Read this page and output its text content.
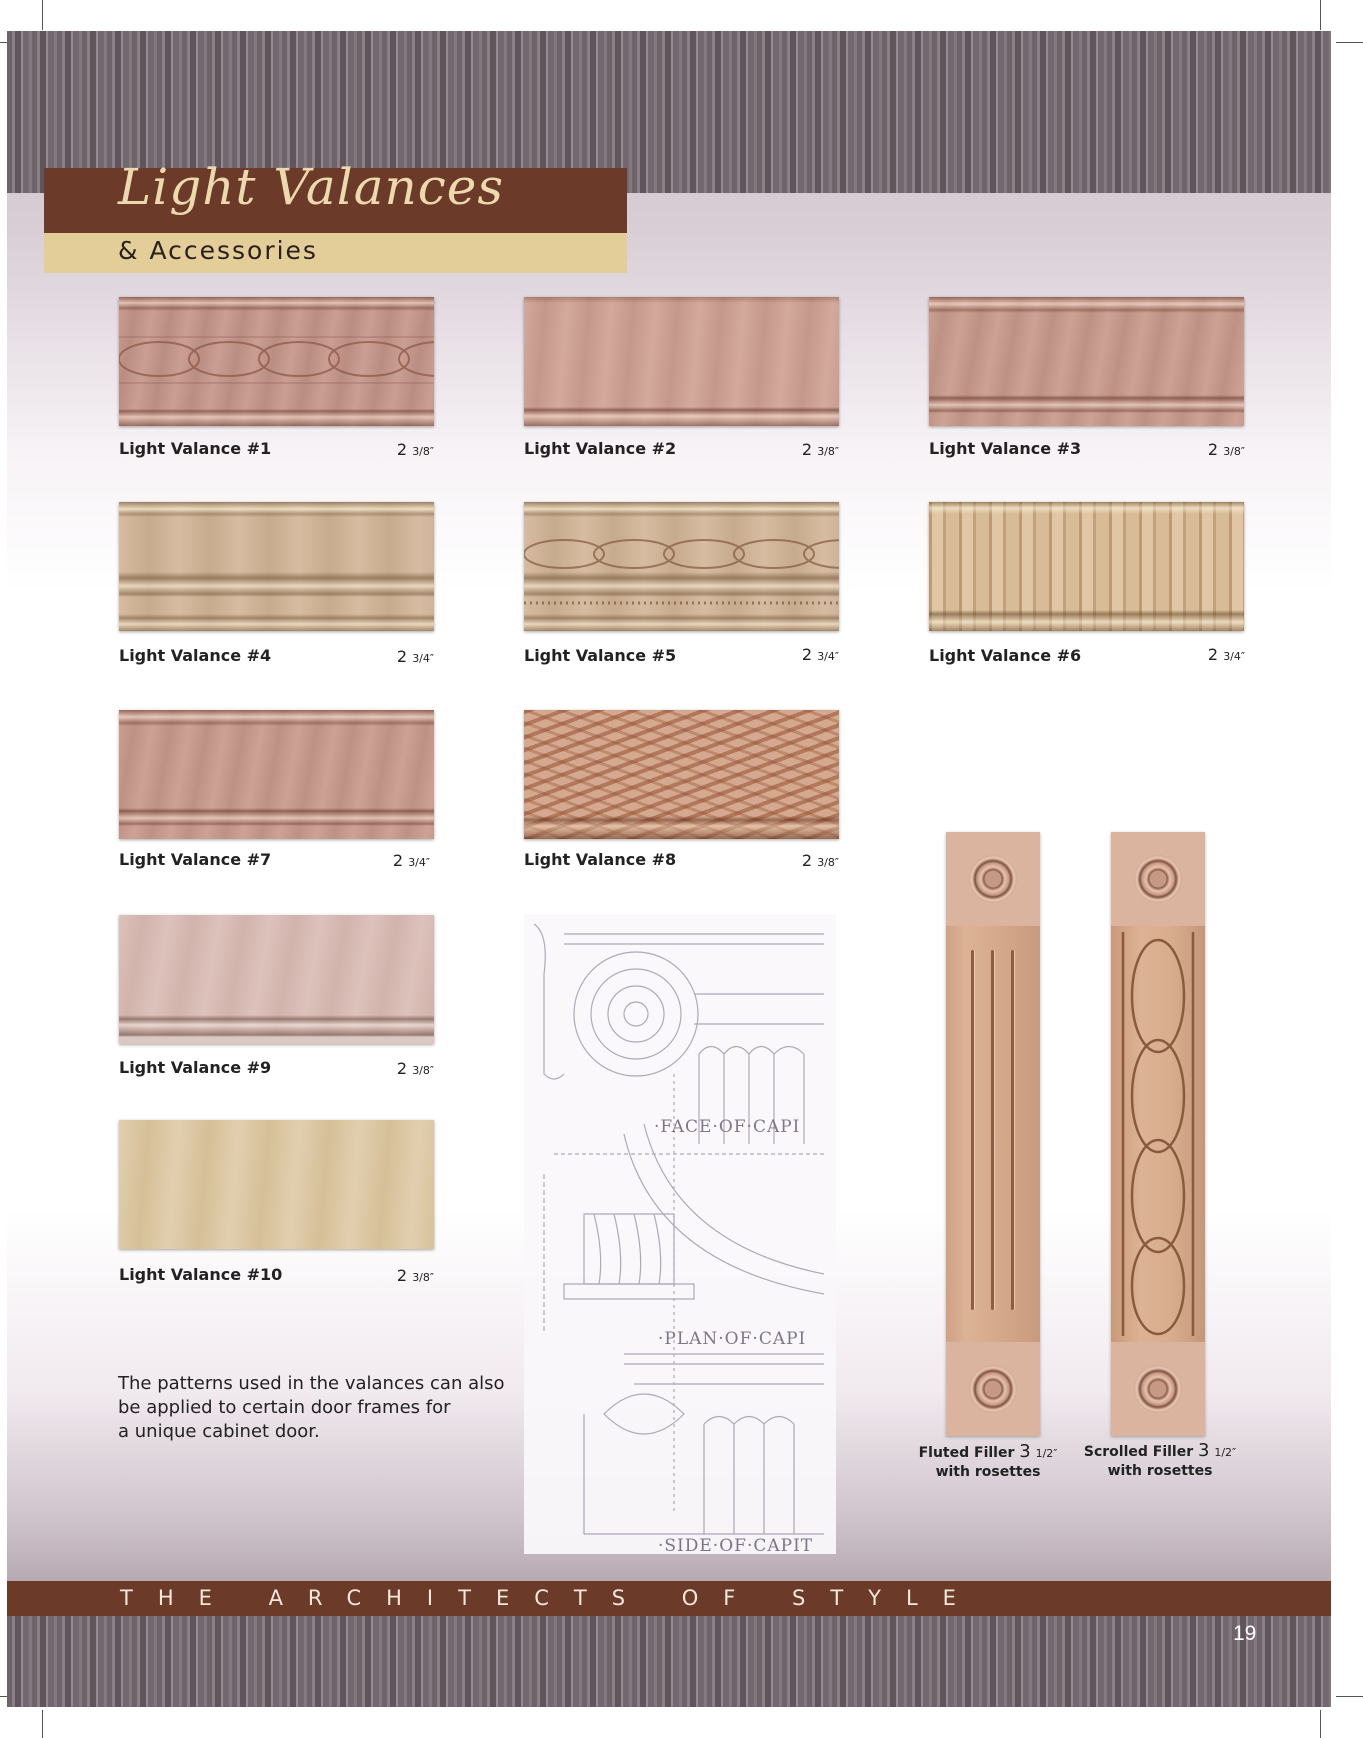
Light Valances
& Accessories
Light Valance #1	2 3/8″	Light Valance #2	2 3/8″	Light Valance #3	2 3/8″
Light Valance #4	2 3/4″	Light Valance #5	2 3/4″	Light Valance #6	2 3/4″
Light Valance #7	2 3/4″	Light Valance #8	2 3/8″
Light Valance #9	2 3/8″
Light Valance #10	2 3/8″
The patterns used in the valances can also
be applied to certain door frames for
a unique cabinet door.
·FACE·OF·CAPI
·PLAN·OF·CAPI
·SIDE·OF·CAPIT
Fluted Filler 3 1/2″
with rosettes
Scrolled Filler 3 1/2″
with rosettes
THE ARCHITECTS OF STYLE
19
